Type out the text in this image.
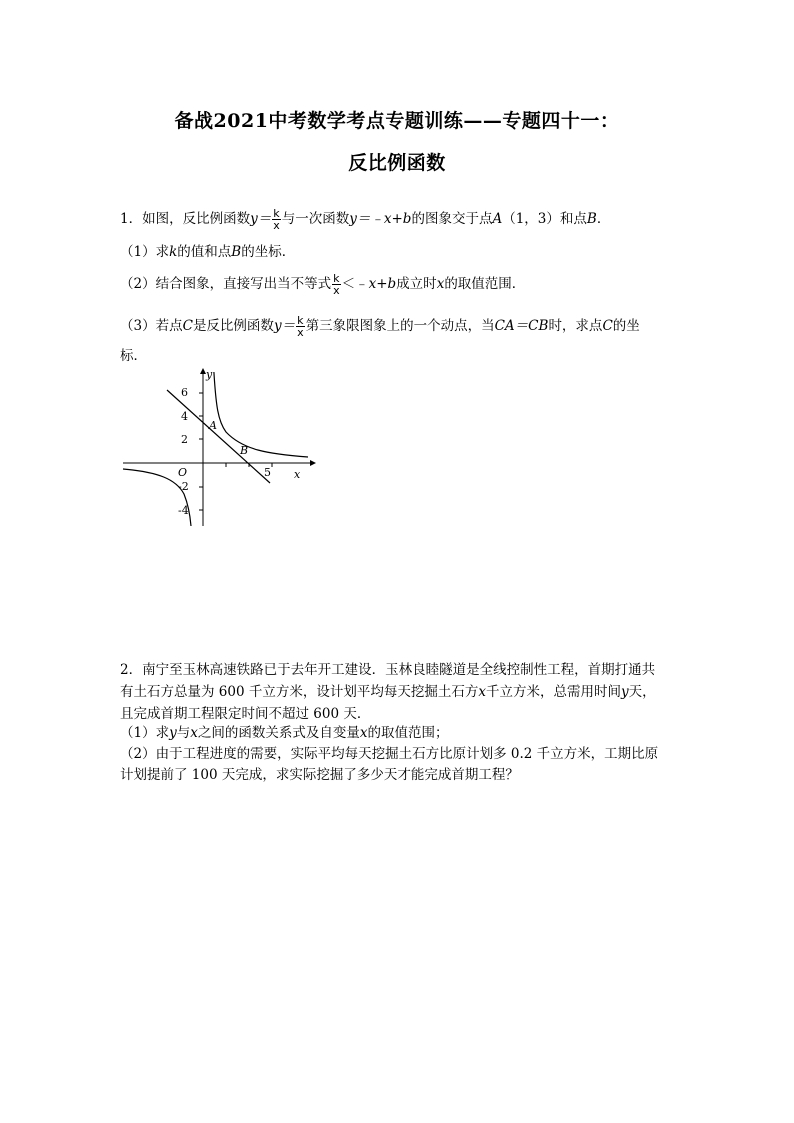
备战2021中考数学考点专题训练——专题四十一：
反比例函数
1．如图，反比例函数$y= \frac{k}{x}$ 与一次函数y＝﹣x+b的图象交于点A（1，3）和点B．
（1）求k的值和点B的坐标．
（2）结合图象，直接写出当不等式 $\frac{k}{x}$ ＜﹣x+b成立时x的取值范围．
（3）若点C是反比例函数$y= \frac{k}{x}$ 第三象限图象上的一个动点，当CA＝CB时，求点C的坐
标．
6
4
2
-2
-4
5
O
y
x
A
B
2．南宁至玉林高速铁路已于去年开工建设．玉林良睦隧道是全线控制性工程，首期打通共
有土石方总量为 600 千立方米，设计划平均每天挖掘土石方x千立方米，总需用时间y天，
且完成首期工程限定时间不超过 600 天．
（1）求y与x之间的函数关系式及自变量x的取值范围；
（2）由于工程进度的需要，实际平均每天挖掘土石方比原计划多 0.2 千立方米，工期比原
计划提前了 100 天完成，求实际挖掘了多少天才能完成首期工程？
